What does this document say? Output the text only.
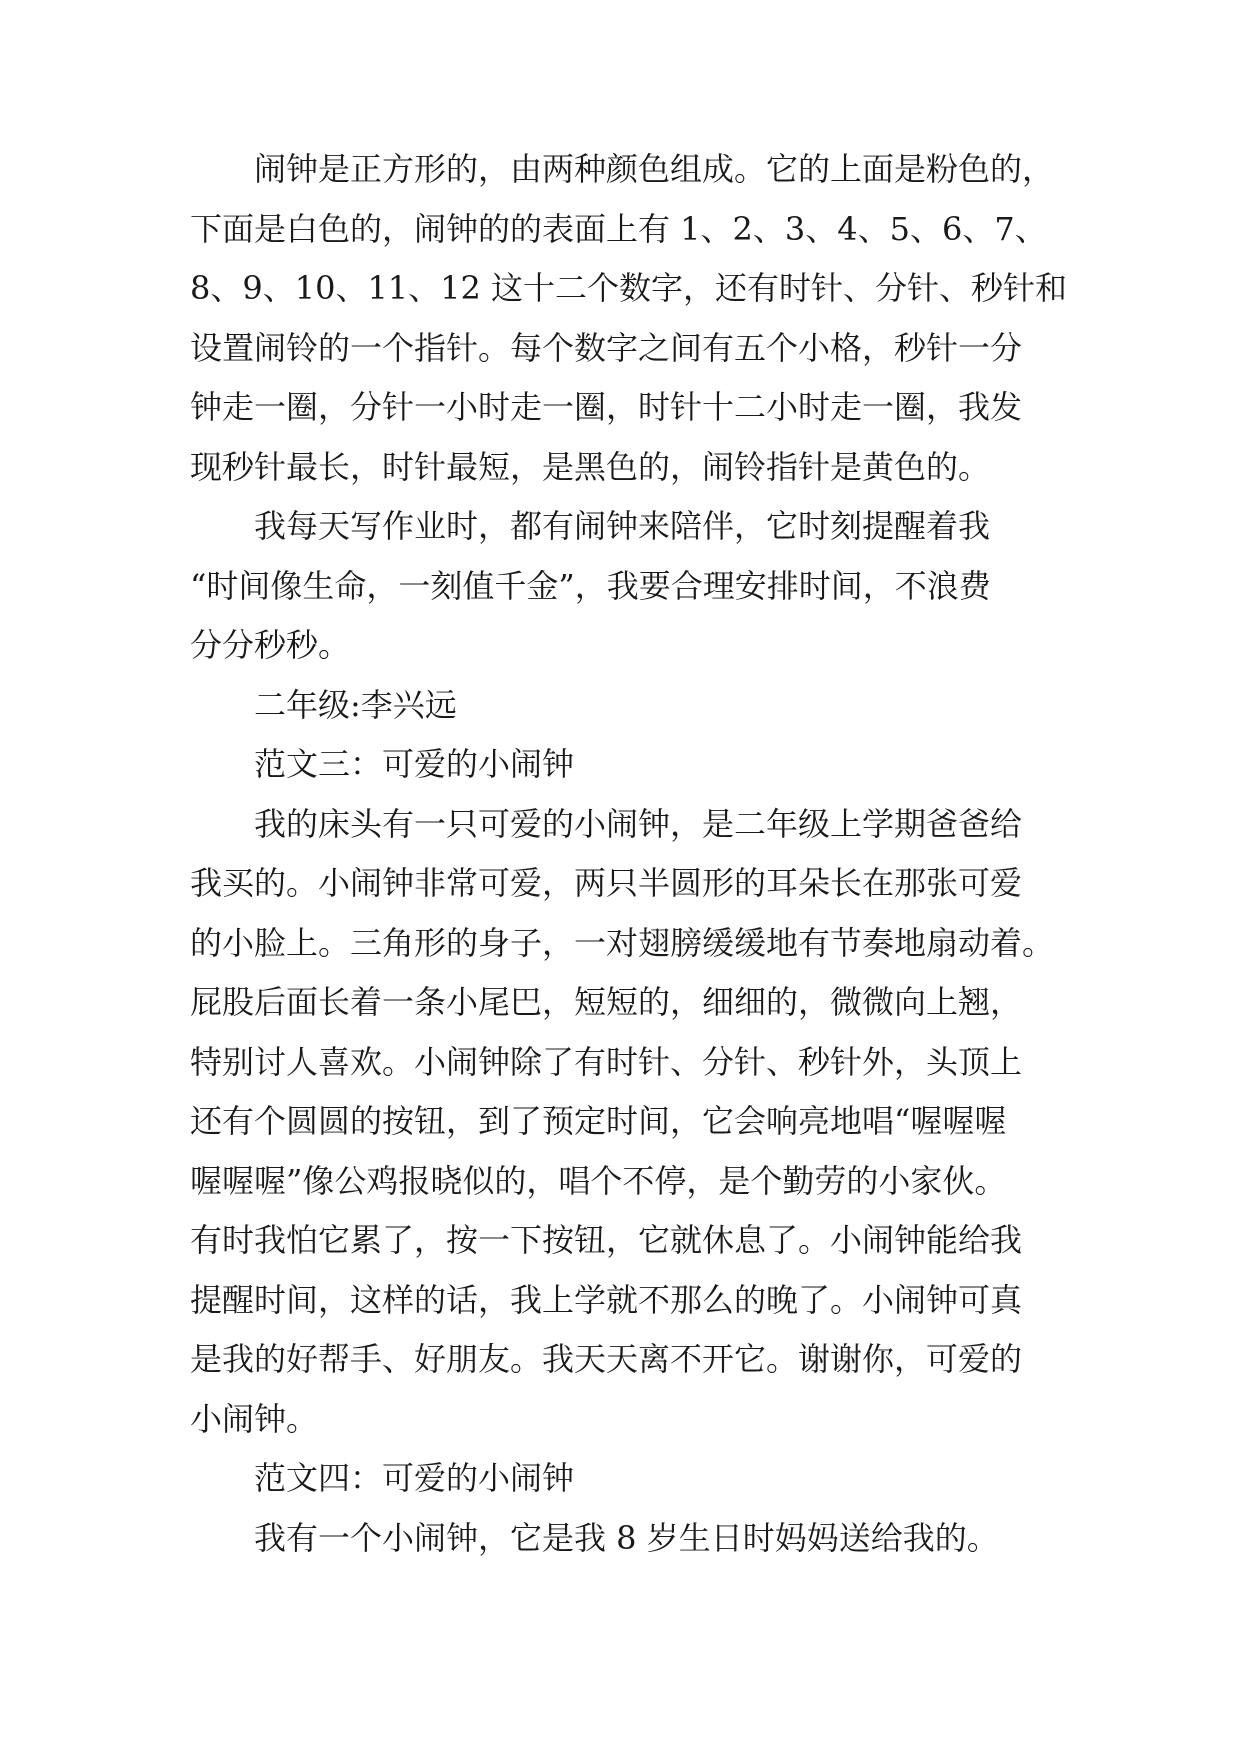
闹钟是正方形的，由两种颜色组成。它的上面是粉色的，
下面是白色的，闹钟的的表面上有 1、2、3、4、5、6、7、
8、9、10、11、12 这十二个数字，还有时针、分针、秒针和
设置闹铃的一个指针。每个数字之间有五个小格，秒针一分
钟走一圈，分针一小时走一圈，时针十二小时走一圈，我发
现秒针最长，时针最短，是黑色的，闹铃指针是黄色的。
我每天写作业时，都有闹钟来陪伴，它时刻提醒着我
“时间像生命，一刻值千金”，我要合理安排时间，不浪费
分分秒秒。
二年级:李兴远
范文三：可爱的小闹钟
我的床头有一只可爱的小闹钟，是二年级上学期爸爸给
我买的。小闹钟非常可爱，两只半圆形的耳朵长在那张可爱
的小脸上。三角形的身子，一对翅膀缓缓地有节奏地扇动着。
屁股后面长着一条小尾巴，短短的，细细的，微微向上翘，
特别讨人喜欢。小闹钟除了有时针、分针、秒针外，头顶上
还有个圆圆的按钮，到了预定时间，它会响亮地唱“喔喔喔
喔喔喔”像公鸡报晓似的，唱个不停，是个勤劳的小家伙。
有时我怕它累了，按一下按钮，它就休息了。小闹钟能给我
提醒时间，这样的话，我上学就不那么的晚了。小闹钟可真
是我的好帮手、好朋友。我天天离不开它。谢谢你，可爱的
小闹钟。
范文四：可爱的小闹钟
我有一个小闹钟，它是我 8 岁生日时妈妈送给我的。
